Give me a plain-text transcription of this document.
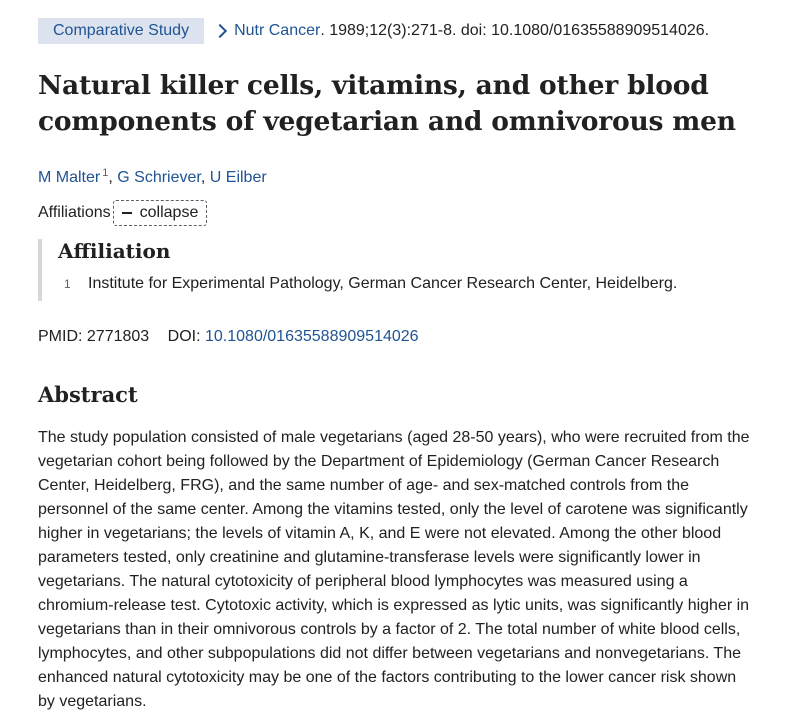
Comparative Study	Nutr Cancer . 1989;12(3):271-8. doi: 10.1080/01635588909514026.
Natural killer cells, vitamins, and other blood components of vegetarian and omnivorous men
M Malter $^1$, G Schriever, U Eilber
Affiliations collapse
Affiliation
1	Institute for Experimental Pathology, German Cancer Research Center, Heidelberg.
PMID: 2771803 DOI: 10.1080/01635588909514026
Abstract
The study population consisted of male vegetarians (aged 28-50 years), who were recruited from the vegetarian cohort being followed by the Department of Epidemiology (German Cancer Research Center, Heidelberg, FRG), and the same number of age- and sex-matched controls from the personnel of the same center. Among the vitamins tested, only the level of carotene was significantly higher in vegetarians; the levels of vitamin A, K, and E were not elevated. Among the other blood parameters tested, only creatinine and glutamine-transferase levels were significantly lower in vegetarians. The natural cytotoxicity of peripheral blood lymphocytes was measured using a chromium-release test. Cytotoxic activity, which is expressed as lytic units, was significantly higher in vegetarians than in their omnivorous controls by a factor of 2. The total number of white blood cells, lymphocytes, and other subpopulations did not differ between vegetarians and nonvegetarians. The enhanced natural cytotoxicity may be one of the factors contributing to the lower cancer risk shown by vegetarians.
